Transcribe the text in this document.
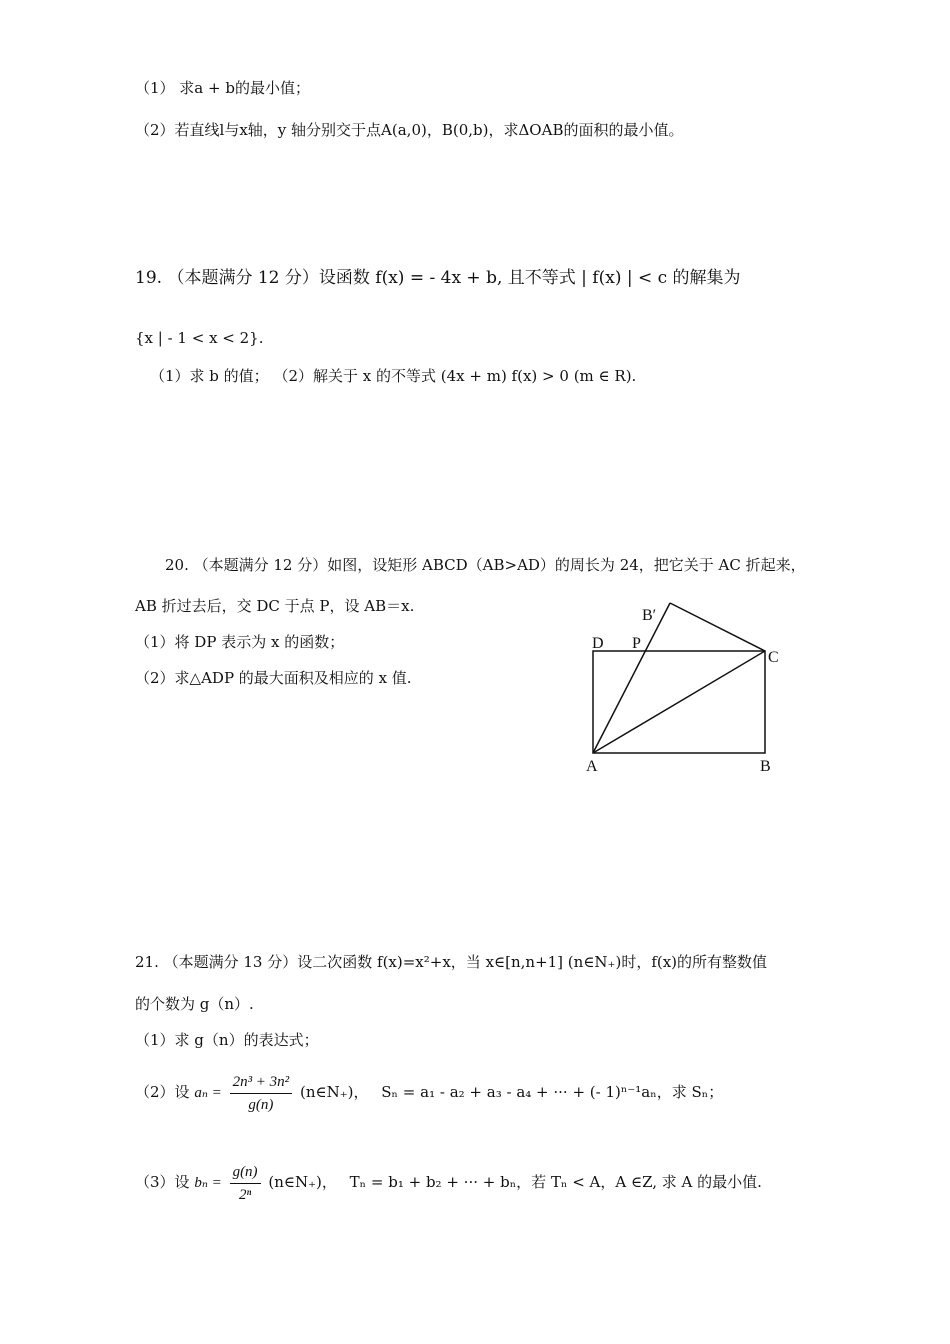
（1） 求a + b的最小值；
（2）若直线l与x轴，y 轴分别交于点A(a,0)，B(0,b)，求ΔOAB的面积的最小值。
19. （本题满分 12 分）设函数 f(x) = - 4x + b, 且不等式 | f(x) | < c 的解集为
{x | - 1 < x < 2}.
（1）求 b 的值； （2）解关于 x 的不等式 (4x + m) f(x) > 0 (m ∈ R).
20. （本题满分 12 分）如图，设矩形 ABCD（AB>AD）的周长为 24，把它关于 AC 折起来，
AB 折过去后，交 DC 于点 P，设 AB＝x.
（1）将 DP 表示为 x 的函数；
（2）求△ADP 的最大面积及相应的 x 值.
B′
D P
C
A	B
21. （本题满分 13 分）设二次函数 f(x)=x²+x，当 x∈[n,n+1] (n∈N₊)时，f(x)的所有整数值
的个数为 g（n）.
（1）求 g（n）的表达式；
（2）设 $a_n = \frac{\text{2n³ + 3n²}}{g(n)}$ (n∈N₊)， Sₙ = a₁ - a₂ + a₃ - a₄ + ··· + (- 1)ⁿ⁻¹aₙ，求 Sₙ；
（3）设 $b_n = \frac{g(n)}{\text{2ⁿ}}$ (n∈N₊)， Tₙ = b₁ + b₂ + ··· + bₙ，若 Tₙ < A，A ∈Z, 求 A 的最小值.
